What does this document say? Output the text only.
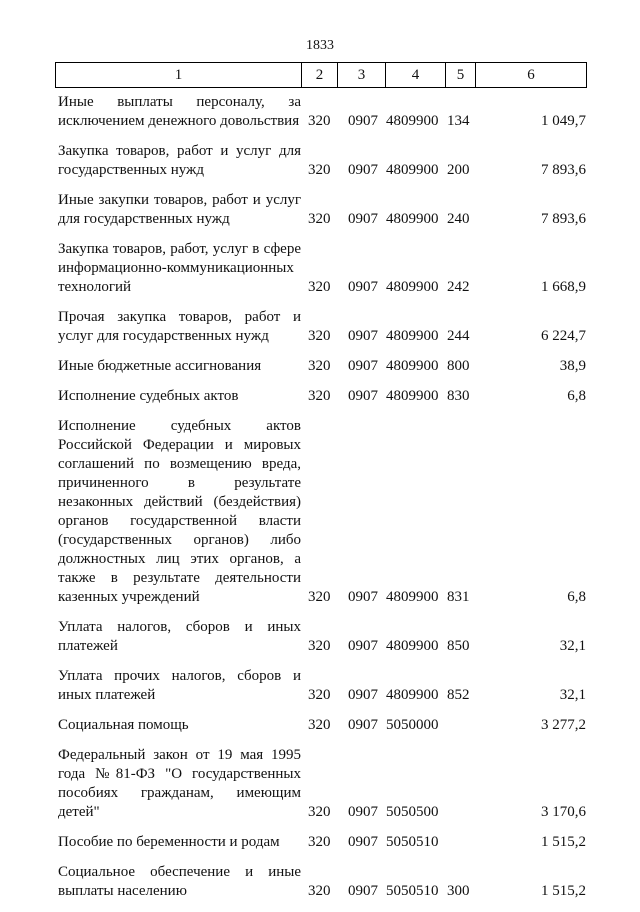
1833
1	2	3	4	5	6
Иные выплаты персоналу, за исключением денежного довольствия 320 0907 4809900 134	1 049,7
Закупка товаров, работ и услуг для государственных нужд	320 0907 4809900 200	7 893,6
Иные закупки товаров, работ и услуг для государственных нужд	320 0907 4809900 240	7 893,6
Закупка товаров, работ, услуг в сфере информационно-коммуникационных технологий	320 0907 4809900 242	1 668,9
Прочая закупка товаров, работ и услуг для государственных нужд	320 0907 4809900 244	6 224,7
Иные бюджетные ассигнования	320 0907 4809900 800	38,9
Исполнение судебных актов	320 0907 4809900 830	6,8
Исполнение судебных актов Российской Федерации и мировых соглашений по возмещению вреда, причиненного в результате незаконных действий (бездействия) органов государственной власти (государственных органов) либо должностных лиц этих органов, а также в результате деятельности казенных учреждений	320 0907 4809900 831	6,8
Уплата налогов, сборов и иных платежей	320 0907 4809900 850	32,1
Уплата прочих налогов, сборов и иных платежей	320 0907 4809900 852	32,1
Социальная помощь	320 0907 5050000	3 277,2
Федеральный закон от 19 мая 1995 года №81-ФЗ "О государственных пособиях гражданам, имеющим детей"	320 0907 5050500	3 170,6
Пособие по беременности и родам	320 0907 5050510	1 515,2
Социальное обеспечение и иные выплаты населению	320 0907 5050510 300	1 515,2
